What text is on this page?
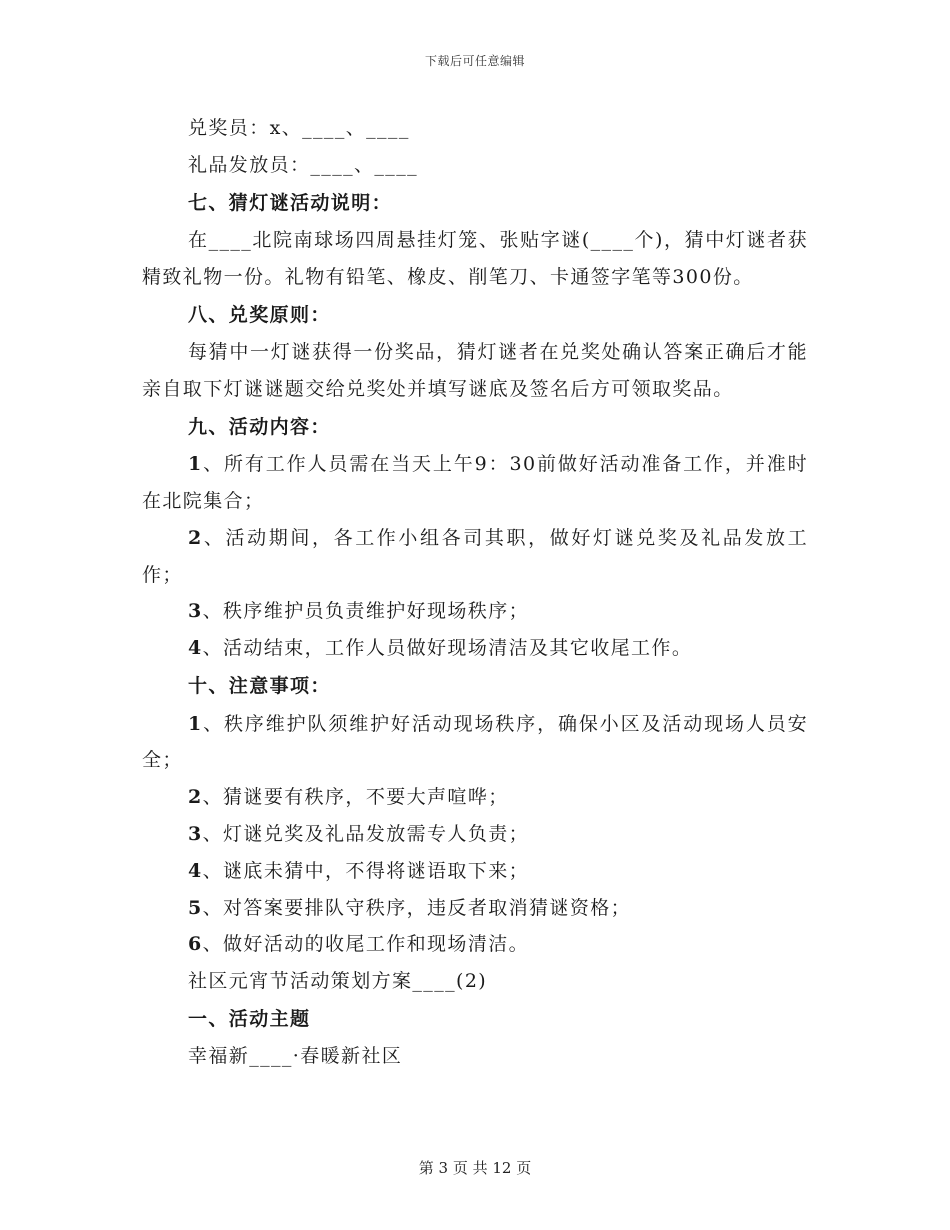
下载后可任意编辑

兑奖员：x、____、____

礼品发放员：____、____

七、猜灯谜活动说明：

在____北院南球场四周悬挂灯笼、张贴字谜(____个)，猜中灯谜者获精致礼物一份。礼物有铅笔、橡皮、削笔刀、卡通签字笔等300份。

八、兑奖原则：

每猜中一灯谜获得一份奖品，猜灯谜者在兑奖处确认答案正确后才能亲自取下灯谜谜题交给兑奖处并填写谜底及签名后方可领取奖品。

九、活动内容：

1、所有工作人员需在当天上午9：30前做好活动准备工作，并准时在北院集合；

2、活动期间，各工作小组各司其职，做好灯谜兑奖及礼品发放工作；

3、秩序维护员负责维护好现场秩序；

4、活动结束，工作人员做好现场清洁及其它收尾工作。

十、注意事项：

1、秩序维护队须维护好活动现场秩序，确保小区及活动现场人员安全；

2、猜谜要有秩序，不要大声喧哗；

3、灯谜兑奖及礼品发放需专人负责；

4、谜底未猜中，不得将谜语取下来；

5、对答案要排队守秩序，违反者取消猜谜资格；

6、做好活动的收尾工作和现场清洁。

社区元宵节活动策划方案____(2)

一、活动主题

幸福新____·春暖新社区

第 3 页 共 12 页
